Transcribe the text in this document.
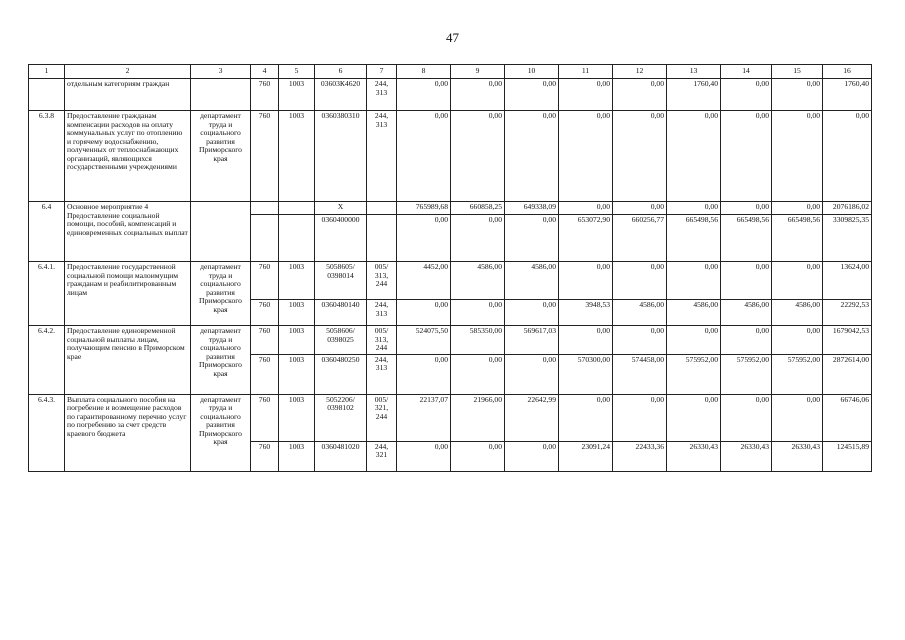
47
1	2	3	4	5	6	7	8	9	10	11	12	13	14	15	16
	отдельным категориям граждан		760	1003	03603К4620	244, 313	0,00	0,00	0,00	0,00	0,00	1760,40	0,00	0,00	1760,40
6.3.8	Предоставление гражданам компенсации расходов на оплату коммунальных услуг по отоплению и горячему водоснабжению, полученных от теплоснабжающих организаций, являющихся государственными учреждениями	департамент труда и социального развития Приморского края	760	1003	0360380310	244, 313	0,00	0,00	0,00	0,00	0,00	0,00	0,00	0,00	0,00
6.4	Основное мероприятие 4 Предоставление социальной помощи, пособий, компенсаций и единовременных социальных выплат				Х		765989,68	660858,25	649338,09	0,00	0,00	0,00	0,00	0,00	2076186,02
					0360400000		0,00	0,00	0,00	653072,90	660256,77	665498,56	665498,56	665498,56	3309825,35
6.4.1.	Предоставление государственной социальной помощи малоимущим гражданам и реабилитированным лицам	департамент труда и социального развития Приморского края	760	1003	5058605/ 0398014	005/ 313, 244	4452,00	4586,00	4586,00	0,00	0,00	0,00	0,00	0,00	13624,00
			760	1003	0360480140	244, 313	0,00	0,00	0,00	3948,53	4586,00	4586,00	4586,00	4586,00	22292,53
6.4.2.	Предоставление единовременной социальной выплаты лицам, получающим пенсию в Приморском крае	департамент труда и социального развития Приморского края	760	1003	5058606/ 0398025	005/ 313, 244	524075,50	585350,00	569617,03	0,00	0,00	0,00	0,00	0,00	1679042,53
			760	1003	0360480250	244, 313	0,00	0,00	0,00	570300,00	574458,00	575952,00	575952,00	575952,00	2872614,00
6.4.3.	Выплата социального пособия на погребение и возмещение расходов по гарантированному перечню услуг по погребению за счет средств краевого бюджета	департамент труда и социального развития Приморского края	760	1003	5052206/ 0398102	005/ 321, 244	22137,07	21966,00	22642,99	0,00	0,00	0,00	0,00	0,00	66746,06
			760	1003	0360481020	244, 321	0,00	0,00	0,00	23091,24	22433,36	26330,43	26330,43	26330,43	124515,89
